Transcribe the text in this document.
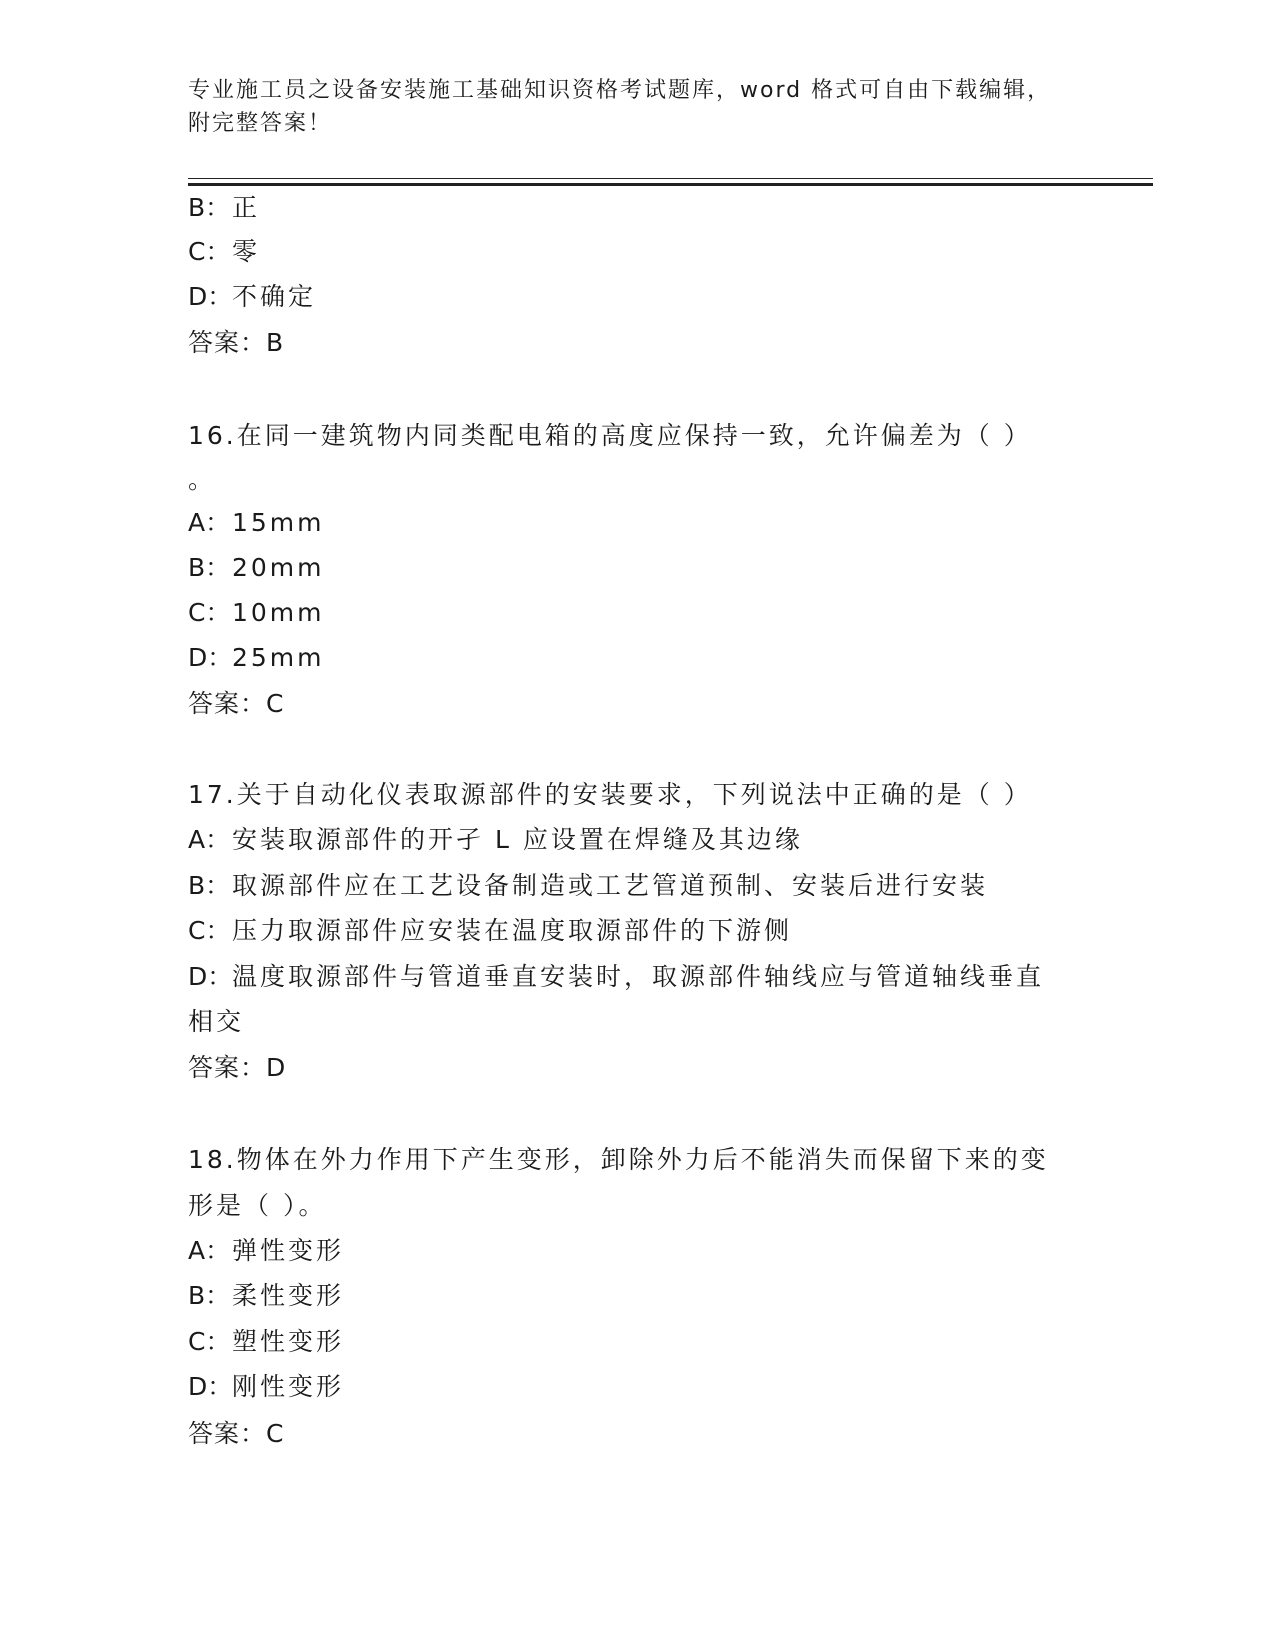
专业施工员之设备安装施工基础知识资格考试题库，word 格式可自由下载编辑，
附完整答案！
B：正
C：零
D：不确定
答案：B
16.在同一建筑物内同类配电箱的高度应保持一致，允许偏差为（ ）
。
A：15mm
B：20mm
C：10mm
D：25mm
答案：C
17.关于自动化仪表取源部件的安装要求，下列说法中正确的是（ ）
A：安装取源部件的开孑 L 应设置在焊缝及其边缘
B：取源部件应在工艺设备制造或工艺管道预制、安装后进行安装
C：压力取源部件应安装在温度取源部件的下游侧
D：温度取源部件与管道垂直安装时，取源部件轴线应与管道轴线垂直
相交
答案：D
18.物体在外力作用下产生变形，卸除外力后不能消失而保留下来的变
形是（ ）。
A：弹性变形
B：柔性变形
C：塑性变形
D：刚性变形
答案：C
